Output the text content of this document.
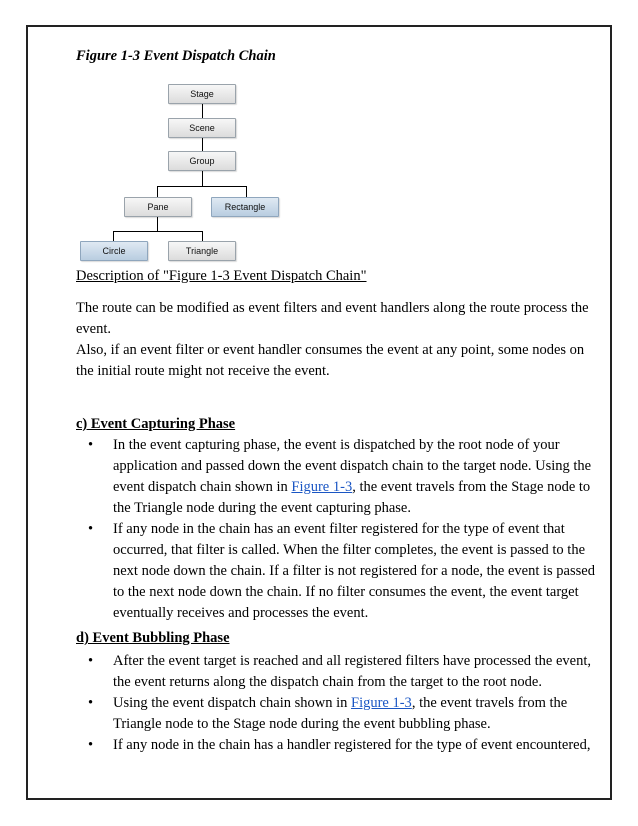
Figure 1-3 Event Dispatch Chain
Stage
Scene
Group
Pane	Rectangle
Circle	Triangle
Description of "Figure 1-3 Event Dispatch Chain"
The route can be modified as event filters and event handlers along the route process the event.
Also, if an event filter or event handler consumes the event at any point, some nodes on the initial route might not receive the event.
c) Event Capturing Phase
• In the event capturing phase, the event is dispatched by the root node of your application and passed down the event dispatch chain to the target node. Using the event dispatch chain shown in Figure 1-3, the event travels from the Stage node to the Triangle node during the event capturing phase.
• If any node in the chain has an event filter registered for the type of event that occurred, that filter is called. When the filter completes, the event is passed to the next node down the chain. If a filter is not registered for a node, the event is passed to the next node down the chain. If no filter consumes the event, the event target eventually receives and processes the event.
d) Event Bubbling Phase
• After the event target is reached and all registered filters have processed the event, the event returns along the dispatch chain from the target to the root node.
• Using the event dispatch chain shown in Figure 1-3, the event travels from the Triangle node to the Stage node during the event bubbling phase.
• If any node in the chain has a handler registered for the type of event encountered,
